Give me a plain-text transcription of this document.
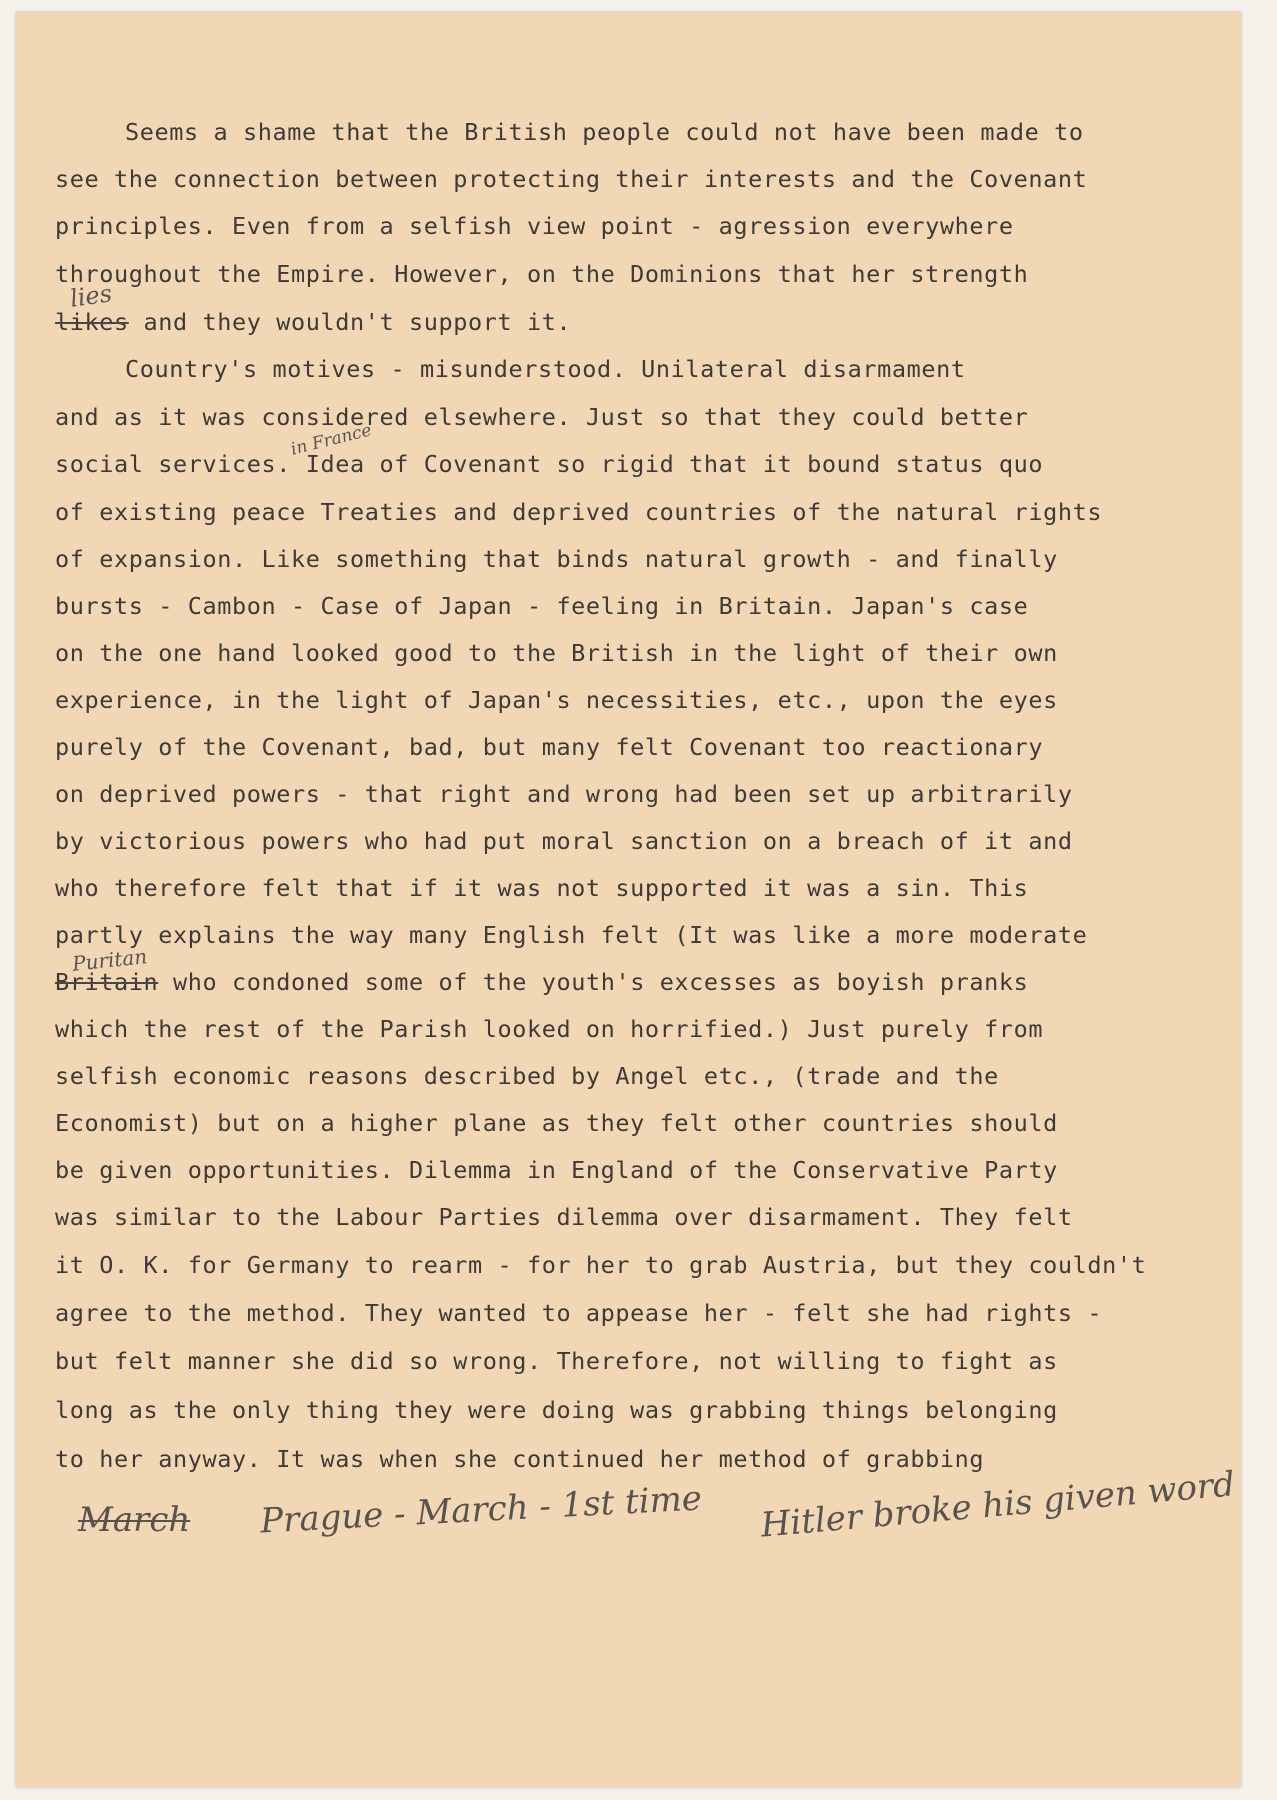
Seems a shame that the British people could not have been made to
see the connection between protecting their interests and the Covenant
principles. Even from a selfish view point - agression everywhere
throughout the Empire. However, on the Dominions that her strength
likes and they wouldn't support it.
Country's motives - misunderstood. Unilateral disarmament
and as it was considered elsewhere. Just so that they could better
social services. Idea of Covenant so rigid that it bound status quo
of existing peace Treaties and deprived countries of the natural rights
of expansion. Like something that binds natural growth - and finally
bursts - Cambon - Case of Japan - feeling in Britain. Japan's case
on the one hand looked good to the British in the light of their own
experience, in the light of Japan's necessities, etc., upon the eyes
purely of the Covenant, bad, but many felt Covenant too reactionary
on deprived powers - that right and wrong had been set up arbitrarily
by victorious powers who had put moral sanction on a breach of it and
who therefore felt that if it was not supported it was a sin. This
partly explains the way many English felt (It was like a more moderate
Britain who condoned some of the youth's excesses as boyish pranks
which the rest of the Parish looked on horrified.) Just purely from
selfish economic reasons described by Angel etc., (trade and the
Economist) but on a higher plane as they felt other countries should
be given opportunities. Dilemma in England of the Conservative Party
was similar to the Labour Parties dilemma over disarmament. They felt
it O. K. for Germany to rearm - for her to grab Austria, but they couldn't
agree to the method. They wanted to appease her - felt she had rights -
but felt manner she did so wrong. Therefore, not willing to fight as
long as the only thing they were doing was grabbing things belonging
to her anyway. It was when she continued her method of grabbing
lies
in France
Puritan
March Prague - March - 1st time Hitler broke his given word
